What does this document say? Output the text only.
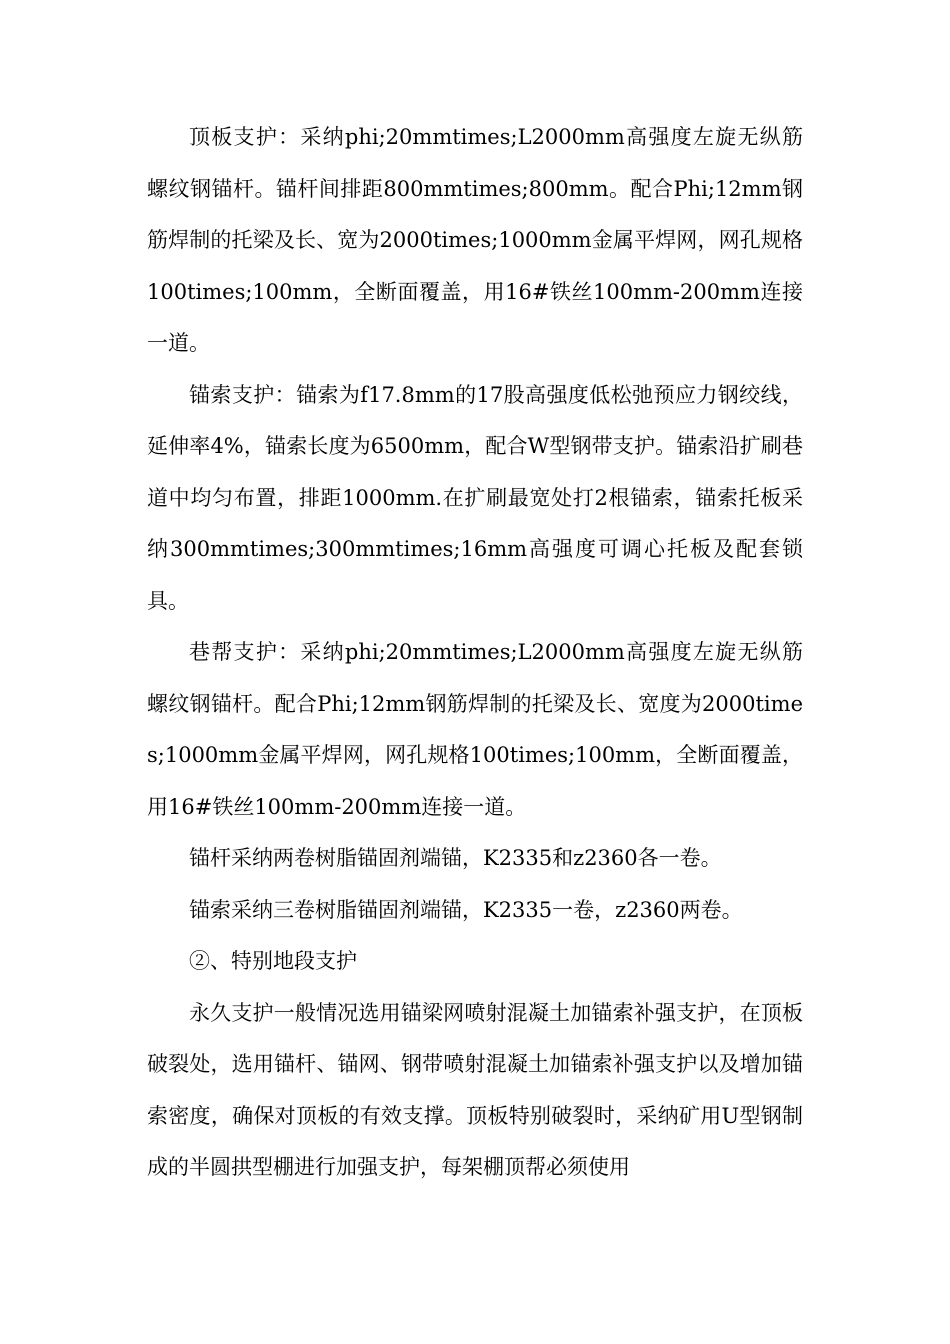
顶板支护：采纳phi;20mmtimes;L2000mm高强度左旋无纵筋螺纹钢锚杆。锚杆间排距800mmtimes;800mm。配合Phi;12mm钢筋焊制的托梁及长、宽为2000times;1000mm金属平焊网，网孔规格100times;100mm，全断面覆盖，用16#铁丝100mm-200mm连接一道。

锚索支护：锚索为f17.8mm的17股高强度低松弛预应力钢绞线，延伸率4%，锚索长度为6500mm，配合W型钢带支护。锚索沿扩刷巷道中均匀布置，排距1000mm.在扩刷最宽处打2根锚索，锚索托板采纳300mmtimes;300mmtimes;16mm高强度可调心托板及配套锁具。

巷帮支护：采纳phi;20mmtimes;L2000mm高强度左旋无纵筋螺纹钢锚杆。配合Phi;12mm钢筋焊制的托梁及长、宽度为2000times;1000mm金属平焊网，网孔规格100times;100mm，全断面覆盖，用16#铁丝100mm-200mm连接一道。

锚杆采纳两卷树脂锚固剂端锚，K2335和z2360各一卷。

锚索采纳三卷树脂锚固剂端锚，K2335一卷，z2360两卷。

②、特别地段支护

永久支护一般情况选用锚梁网喷射混凝土加锚索补强支护，在顶板破裂处，选用锚杆、锚网、钢带喷射混凝土加锚索补强支护以及增加锚索密度，确保对顶板的有效支撑。顶板特别破裂时，采纳矿用U型钢制成的半圆拱型棚进行加强支护，每架棚顶帮必须使用
